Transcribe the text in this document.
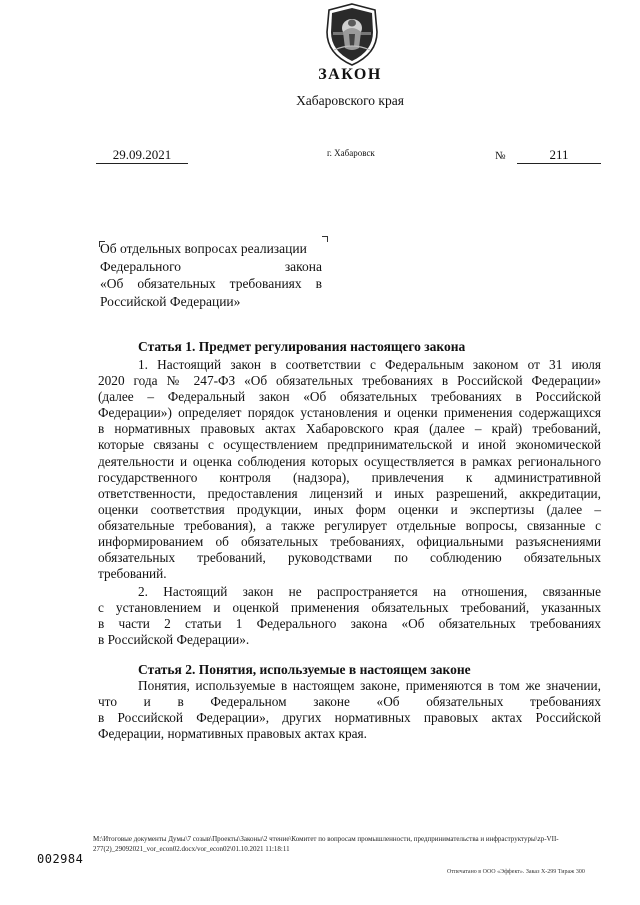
ЗАКОН
Хабаровского края
29.09.2021	г. Хабаровск	№	211
Об отдельных вопросах реализации
Федерального закона
«Об обязательных требованиях в
Российской Федерации»
Статья 1. Предмет регулирования настоящего закона
1. Настоящий закон в соответствии с Федеральным законом от 31 июля
2020 года № 247-ФЗ «Об обязательных требованиях в Российской Федерации»
(далее – Федеральный закон «Об обязательных требованиях в Российской
Федерации») определяет порядок установления и оценки применения содержащихся
в нормативных правовых актах Хабаровского края (далее – край) требований,
которые связаны с осуществлением предпринимательской и иной экономической
деятельности и оценка соблюдения которых осуществляется в рамках регионального
государственного контроля (надзора), привлечения к административной
ответственности, предоставления лицензий и иных разрешений, аккредитации,
оценки соответствия продукции, иных форм оценки и экспертизы (далее –
обязательные требования), а также регулирует отдельные вопросы, связанные с
информированием об обязательных требованиях, официальными разъяснениями
обязательных требований, руководствами по соблюдению обязательных
требований.
2. Настоящий закон не распространяется на отношения, связанные
с установлением и оценкой применения обязательных требований, указанных
в части 2 статьи 1 Федерального закона «Об обязательных требованиях
в Российской Федерации».
Статья 2. Понятия, используемые в настоящем законе
Понятия, используемые в настоящем законе, применяются в том же значении,
что и в Федеральном законе «Об обязательных требованиях
в Российской Федерации», других нормативных правовых актах Российской
Федерации, нормативных правовых актах края.
M:\Итоговые документы Думы\7 созыв\Проекты\Законы\2 чтение\Комитет по вопросам промышленности, предпринимательства и инфраструктуры\zp-VII-
277(2)_29092021_vor_econ02.docx/vor_econ02\01.10.2021 11:18:11
002984
Отпечатано в ООО «Эффект». Заказ Х-299 Тираж 300
